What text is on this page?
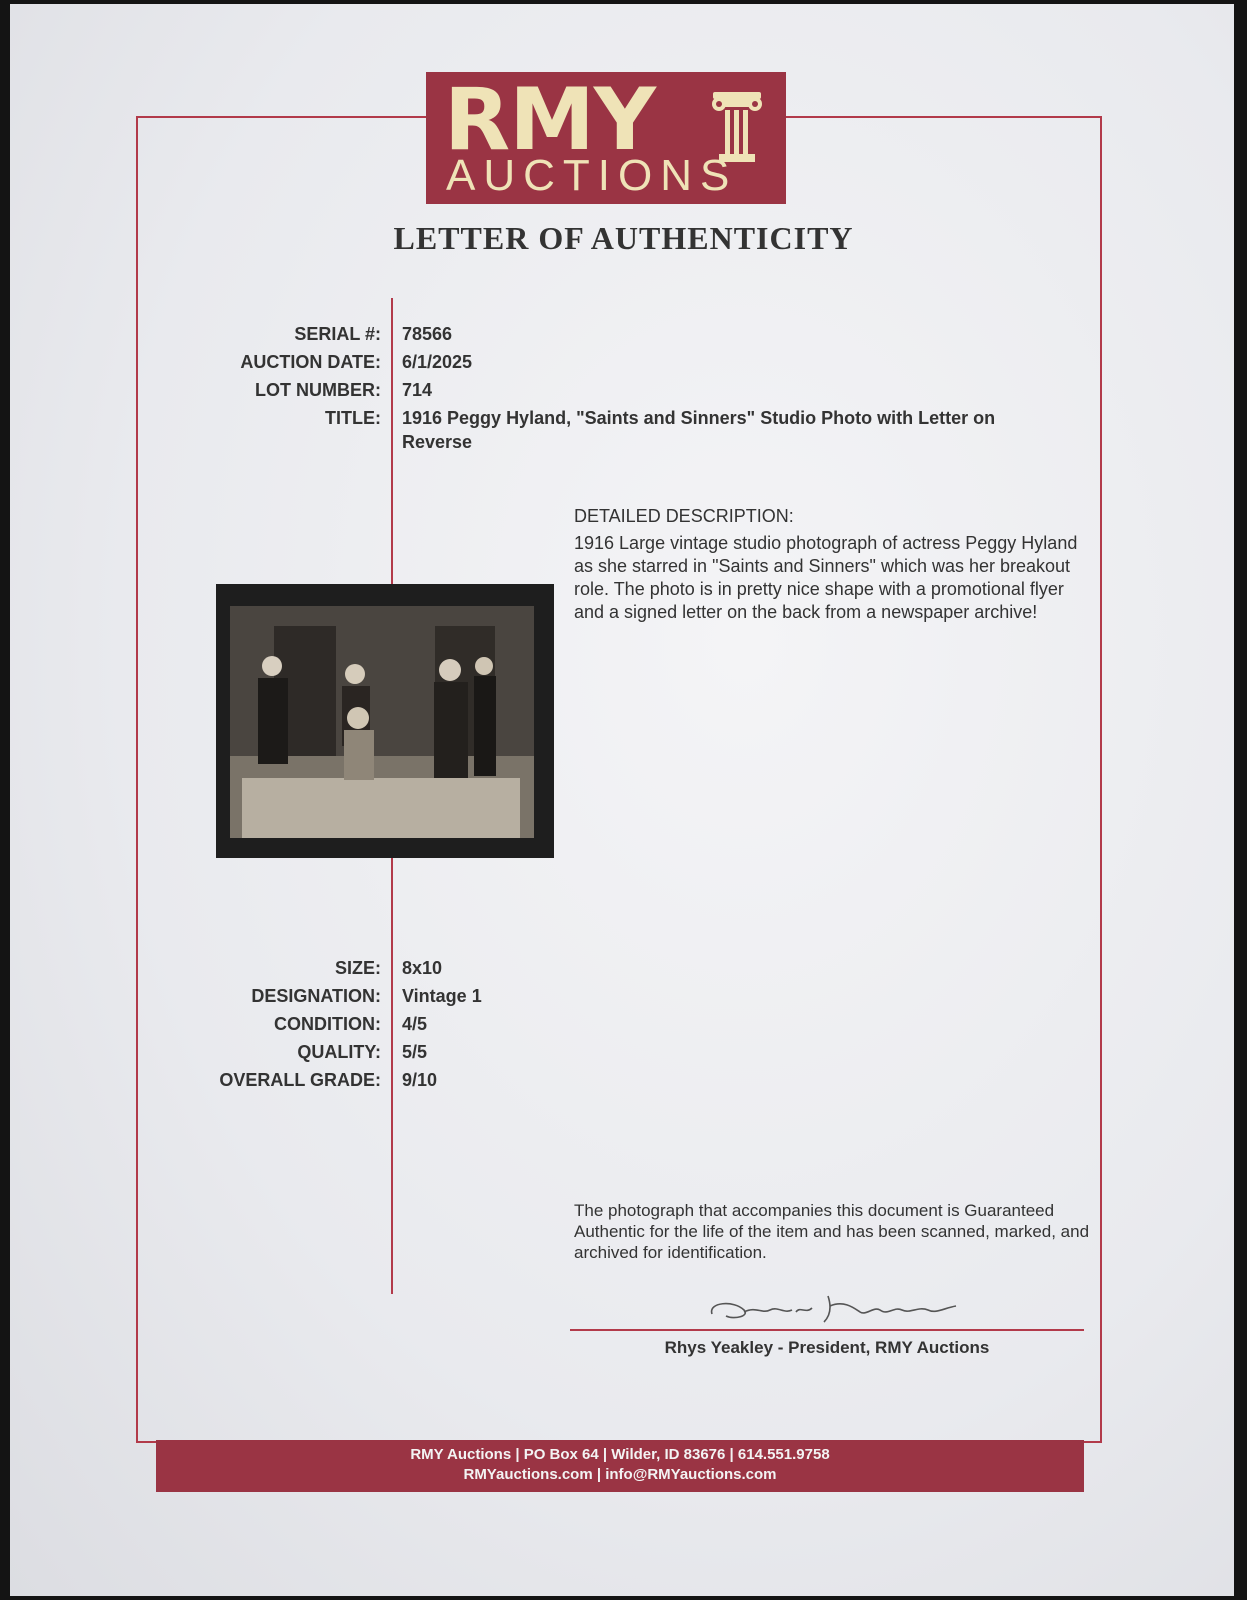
RMY
AUCTIONS
LETTER OF AUTHENTICITY
SERIAL #: 78566
AUCTION DATE: 6/1/2025
LOT NUMBER: 714
TITLE: 1916 Peggy Hyland, "Saints and Sinners" Studio Photo with Letter on Reverse
DETAILED DESCRIPTION:
1916 Large vintage studio photograph of actress Peggy Hyland as she starred in "Saints and Sinners" which was her breakout role. The photo is in pretty nice shape with a promotional flyer and a signed letter on the back from a newspaper archive!
SIZE: 8x10
DESIGNATION: Vintage 1
CONDITION: 4/5
QUALITY: 5/5
OVERALL GRADE: 9/10
The photograph that accompanies this document is Guaranteed Authentic for the life of the item and has been scanned, marked, and archived for identification.
Rhys Yeakley - President, RMY Auctions
RMY Auctions | PO Box 64 | Wilder, ID 83676 | 614.551.9758
RMYauctions.com | info@RMYauctions.com
